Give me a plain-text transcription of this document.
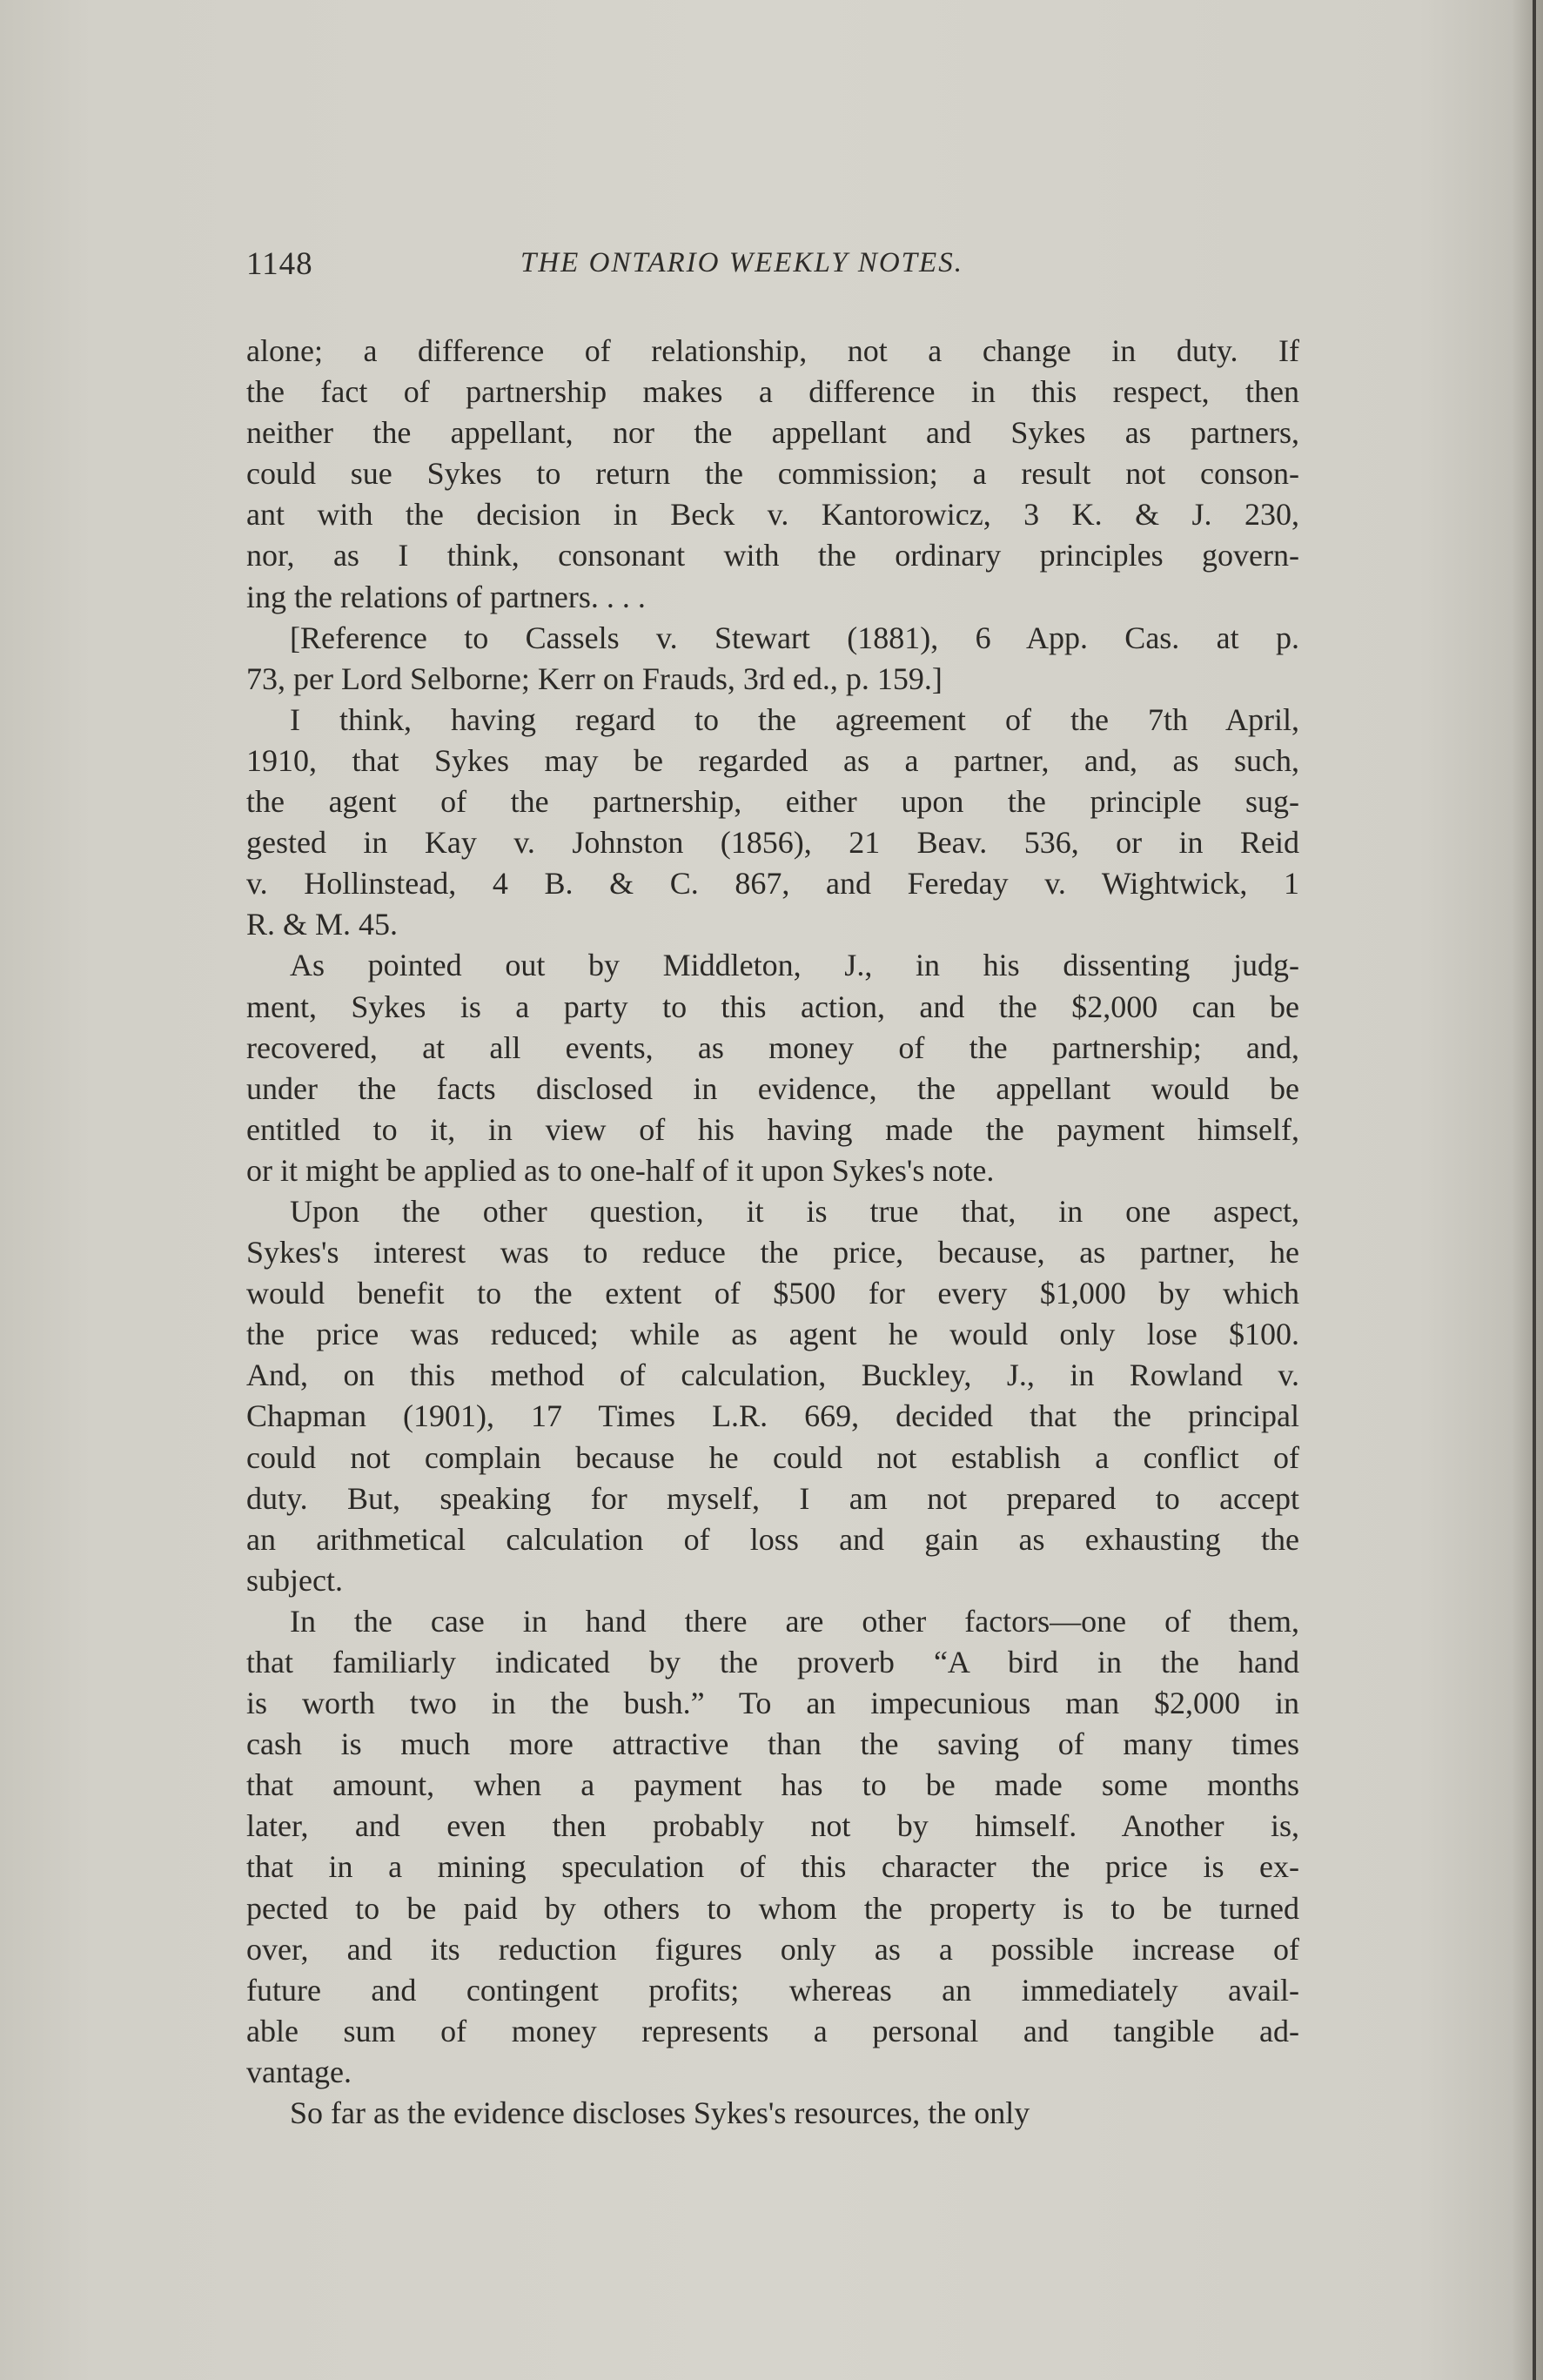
1148	THE ONTARIO WEEKLY NOTES.
alone; a difference of relationship, not a change in duty. If
the fact of partnership makes a difference in this respect, then
neither the appellant, nor the appellant and Sykes as partners,
could sue Sykes to return the commission; a result not conson-
ant with the decision in Beck v. Kantorowicz, 3 K. & J. 230,
nor, as I think, consonant with the ordinary principles govern-
ing the relations of partners. . . .
[Reference to Cassels v. Stewart (1881), 6 App. Cas. at p.
73, per Lord Selborne; Kerr on Frauds, 3rd ed., p. 159.]
I think, having regard to the agreement of the 7th April,
1910, that Sykes may be regarded as a partner, and, as such,
the agent of the partnership, either upon the principle sug-
gested in Kay v. Johnston (1856), 21 Beav. 536, or in Reid
v. Hollinstead, 4 B. & C. 867, and Fereday v. Wightwick, 1
R. & M. 45.
As pointed out by Middleton, J., in his dissenting judg-
ment, Sykes is a party to this action, and the $2,000 can be
recovered, at all events, as money of the partnership; and,
under the facts disclosed in evidence, the appellant would be
entitled to it, in view of his having made the payment himself,
or it might be applied as to one-half of it upon Sykes's note.
Upon the other question, it is true that, in one aspect,
Sykes's interest was to reduce the price, because, as partner, he
would benefit to the extent of $500 for every $1,000 by which
the price was reduced; while as agent he would only lose $100.
And, on this method of calculation, Buckley, J., in Rowland v.
Chapman (1901), 17 Times L.R. 669, decided that the principal
could not complain because he could not establish a conflict of
duty. But, speaking for myself, I am not prepared to accept
an arithmetical calculation of loss and gain as exhausting the
subject.
In the case in hand there are other factors—one of them,
that familiarly indicated by the proverb “A bird in the hand
is worth two in the bush.” To an impecunious man $2,000 in
cash is much more attractive than the saving of many times
that amount, when a payment has to be made some months
later, and even then probably not by himself. Another is,
that in a mining speculation of this character the price is ex-
pected to be paid by others to whom the property is to be turned
over, and its reduction figures only as a possible increase of
future and contingent profits; whereas an immediately avail-
able sum of money represents a personal and tangible ad-
vantage.
So far as the evidence discloses Sykes's resources, the only
